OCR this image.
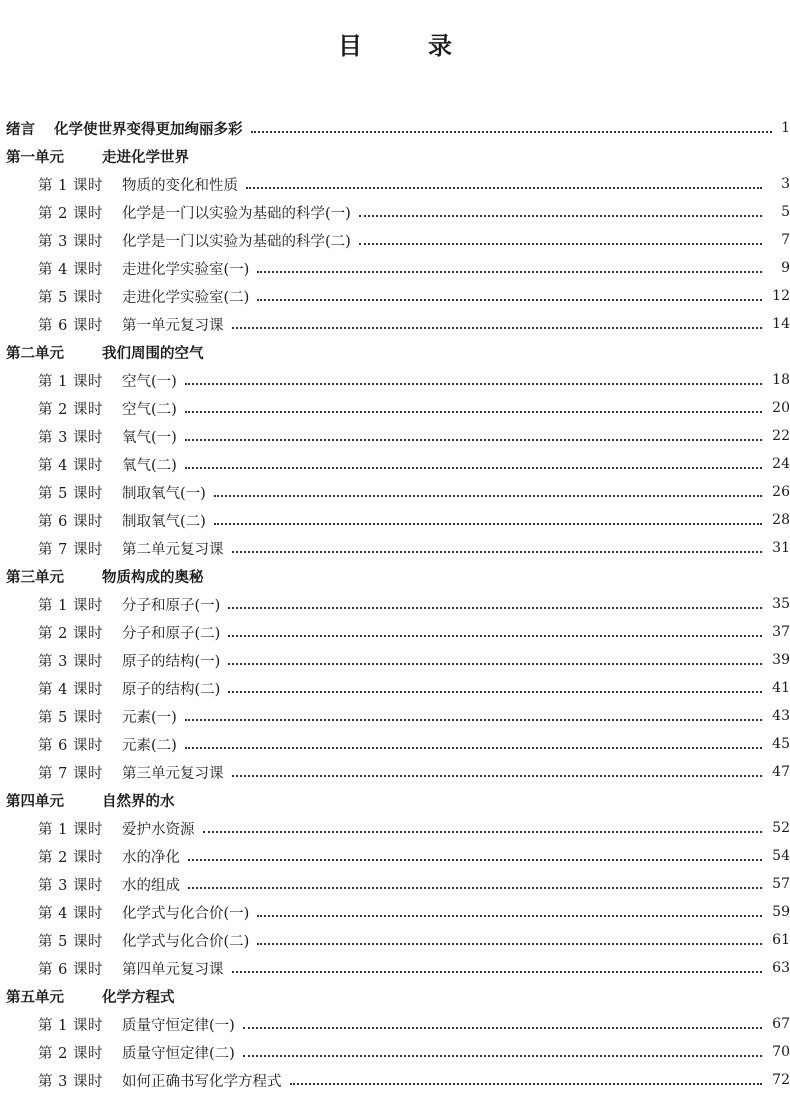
目录
绪言	化学使世界变得更加绚丽多彩	1
第一单元	走进化学世界
第 1 课时	物质的变化和性质	3
第 2 课时	化学是一门以实验为基础的科学(一)	5
第 3 课时	化学是一门以实验为基础的科学(二)	7
第 4 课时	走进化学实验室(一)	9
第 5 课时	走进化学实验室(二)	12
第 6 课时	第一单元复习课	14
第二单元	我们周围的空气
第 1 课时	空气(一)	18
第 2 课时	空气(二)	20
第 3 课时	氧气(一)	22
第 4 课时	氧气(二)	24
第 5 课时	制取氧气(一)	26
第 6 课时	制取氧气(二)	28
第 7 课时	第二单元复习课	31
第三单元	物质构成的奥秘
第 1 课时	分子和原子(一)	35
第 2 课时	分子和原子(二)	37
第 3 课时	原子的结构(一)	39
第 4 课时	原子的结构(二)	41
第 5 课时	元素(一)	43
第 6 课时	元素(二)	45
第 7 课时	第三单元复习课	47
第四单元	自然界的水
第 1 课时	爱护水资源	52
第 2 课时	水的净化	54
第 3 课时	水的组成	57
第 4 课时	化学式与化合价(一)	59
第 5 课时	化学式与化合价(二)	61
第 6 课时	第四单元复习课	63
第五单元	化学方程式
第 1 课时	质量守恒定律(一)	67
第 2 课时	质量守恒定律(二)	70
第 3 课时	如何正确书写化学方程式	72
